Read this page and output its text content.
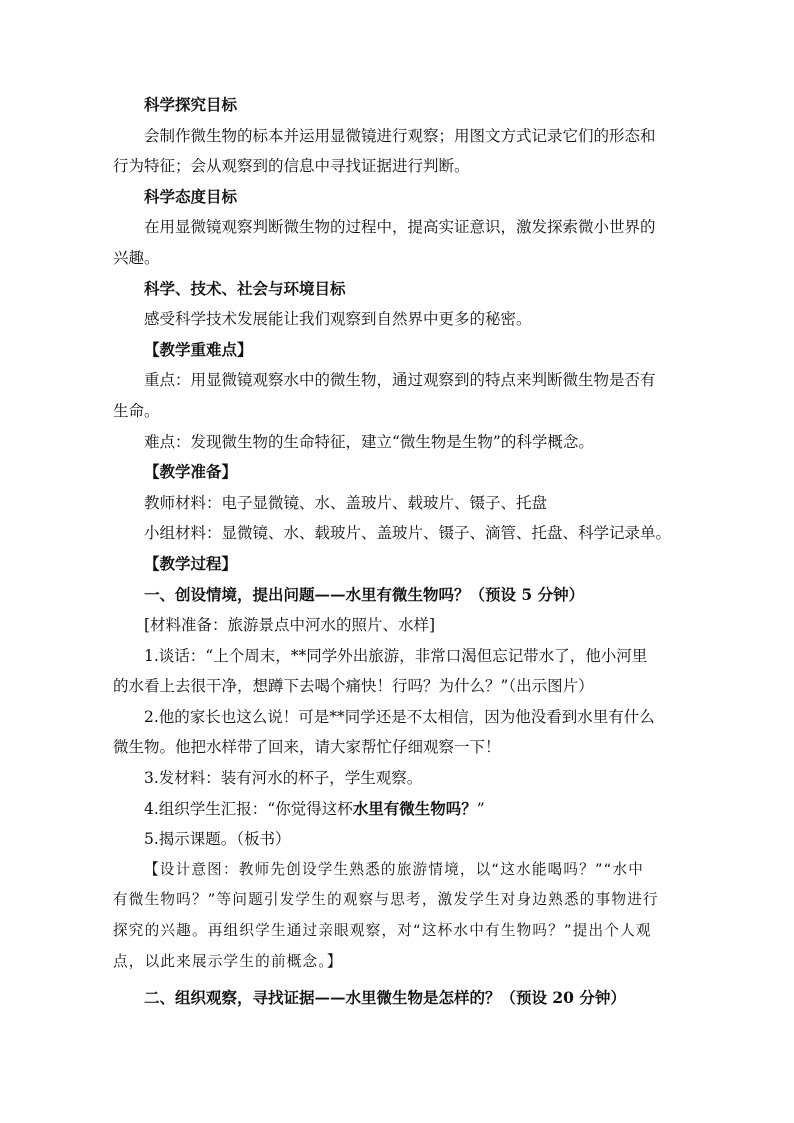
科学探究目标
会制作微生物的标本并运用显微镜进行观察；用图文方式记录它们的形态和
行为特征；会从观察到的信息中寻找证据进行判断。
科学态度目标
在用显微镜观察判断微生物的过程中，提高实证意识，激发探索微小世界的
兴趣。
科学、技术、社会与环境目标
感受科学技术发展能让我们观察到自然界中更多的秘密。
【教学重难点】
重点：用显微镜观察水中的微生物，通过观察到的特点来判断微生物是否有
生命。
难点：发现微生物的生命特征，建立“微生物是生物”的科学概念。
【教学准备】
教师材料：电子显微镜、水、盖玻片、载玻片、镊子、托盘
小组材料：显微镜、水、载玻片、盖玻片、镊子、滴管、托盘、科学记录单。
【教学过程】
一、创设情境，提出问题——水里有微生物吗？（预设 5 分钟）
[材料准备：旅游景点中河水的照片、水样]
1.谈话：“上个周末，**同学外出旅游，非常口渴但忘记带水了，他小河里
的水看上去很干净，想蹲下去喝个痛快！行吗？为什么？”（出示图片）
2.他的家长也这么说！可是**同学还是不太相信，因为他没看到水里有什么
微生物。他把水样带了回来，请大家帮忙仔细观察一下！
3.发材料：装有河水的杯子，学生观察。
4.组织学生汇报：“你觉得这杯水里有微生物吗？”
5.揭示课题。（板书）
【设计意图：教师先创设学生熟悉的旅游情境，以“这水能喝吗？”“水中
有微生物吗？”等问题引发学生的观察与思考，激发学生对身边熟悉的事物进行
探究的兴趣。再组织学生通过亲眼观察，对“这杯水中有生物吗？”提出个人观
点，以此来展示学生的前概念。】
二、组织观察，寻找证据——水里微生物是怎样的？（预设 20 分钟）
